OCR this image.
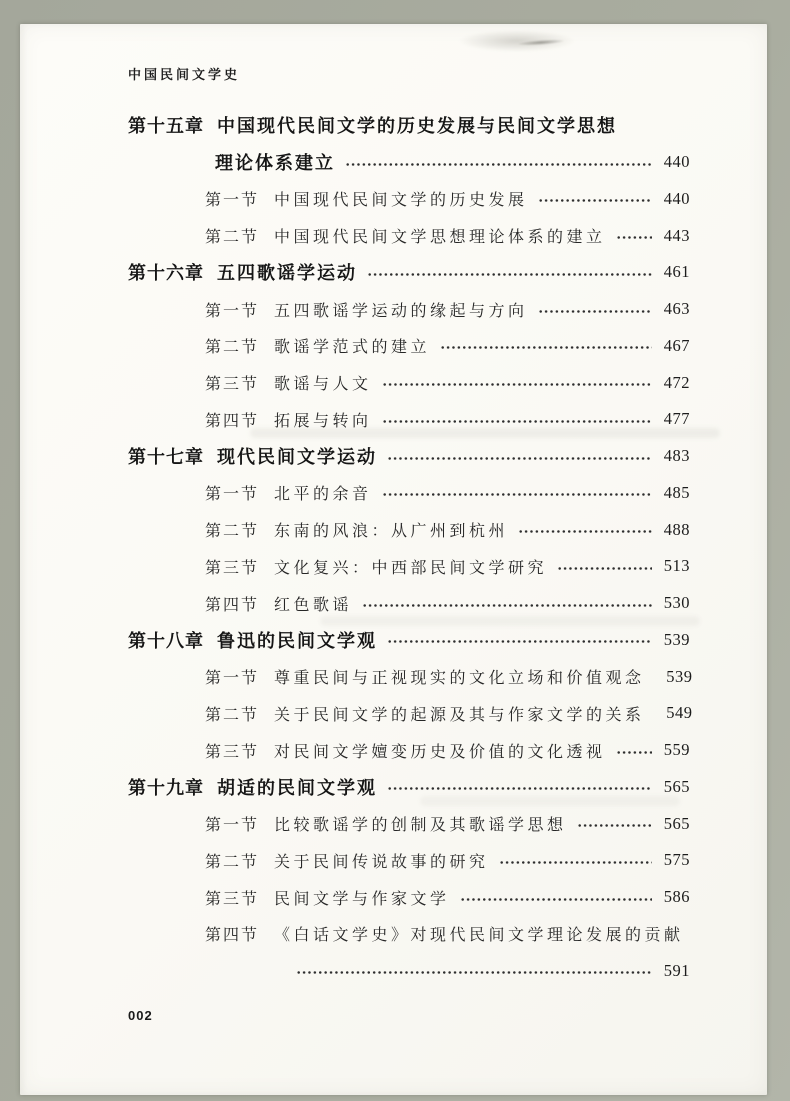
中国民间文学史
第十五章 中国现代民间文学的历史发展与民间文学思想
理论体系建立	440
第一节 中国现代民间文学的历史发展	440
第二节 中国现代民间文学思想理论体系的建立	443
第十六章 五四歌谣学运动	461
第一节 五四歌谣学运动的缘起与方向	463
第二节 歌谣学范式的建立	467
第三节 歌谣与人文	472
第四节 拓展与转向	477
第十七章 现代民间文学运动	483
第一节 北平的余音	485
第二节 东南的风浪：从广州到杭州	488
第三节 文化复兴：中西部民间文学研究	513
第四节 红色歌谣	530
第十八章 鲁迅的民间文学观	539
第一节 尊重民间与正视现实的文化立场和价值观念 539
第二节 关于民间文学的起源及其与作家文学的关系 549
第三节 对民间文学嬗变历史及价值的文化透视	559
第十九章 胡适的民间文学观	565
第一节 比较歌谣学的创制及其歌谣学思想	565
第二节 关于民间传说故事的研究	575
第三节 民间文学与作家文学	586
第四节 《白话文学史》对现代民间文学理论发展的贡献
591
002
